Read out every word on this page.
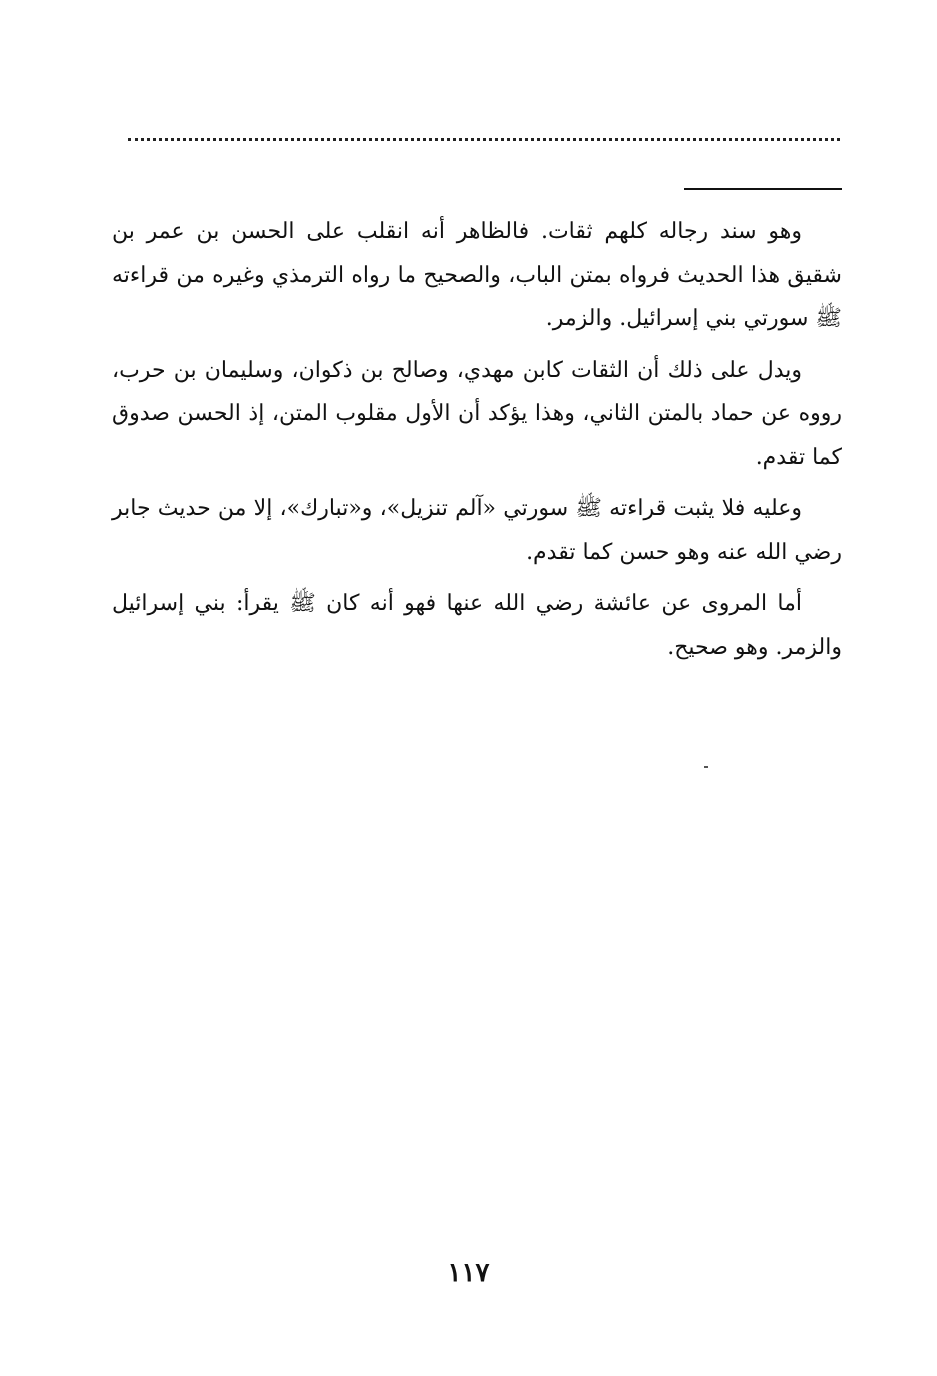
وهو سند رجاله كلهم ثقات. فالظاهر أنه انقلب على الحسن بن عمر بن شقيق هذا الحديث فرواه بمتن الباب، والصحيح ما رواه الترمذي وغيره من قراءته ﷺ سورتي بني إسرائيل. والزمر.

ويدل على ذلك أن الثقات كابن مهدي، وصالح بن ذكوان، وسليمان بن حرب، رووه عن حماد بالمتن الثاني، وهذا يؤكد أن الأول مقلوب المتن، إذ الحسن صدوق كما تقدم.

وعليه فلا يثبت قراءته ﷺ سورتي «آلم تنزيل»، و«تبارك»، إلا من حديث جابر رضي الله عنه وهو حسن كما تقدم.

أما المروى عن عائشة رضي الله عنها فهو أنه كان ﷺ يقرأ: بني إسرائيل والزمر. وهو صحيح.

١١٧
